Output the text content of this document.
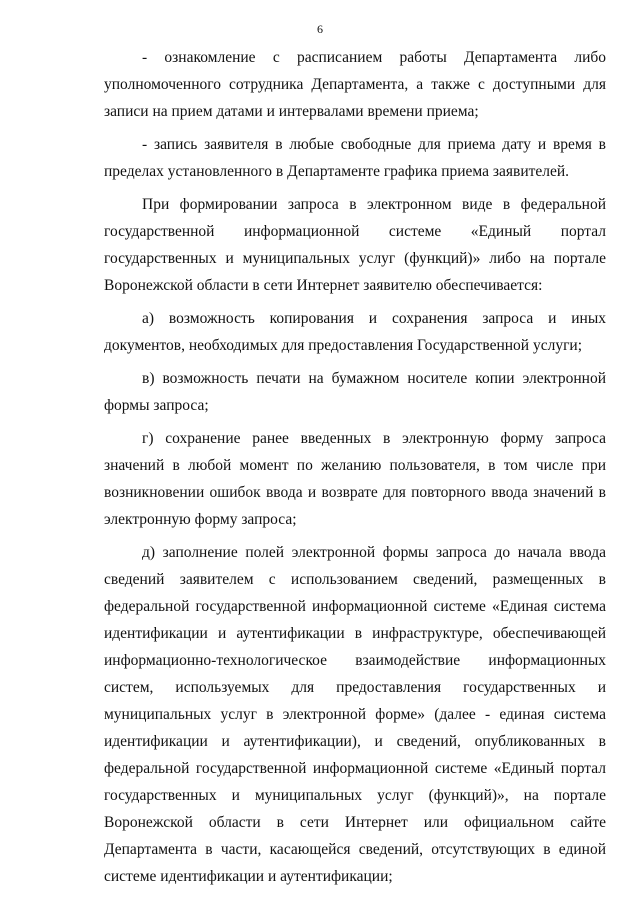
6

- ознакомление с расписанием работы Департамента либо уполномоченного сотрудника Департамента, а также с доступными для записи на прием датами и интервалами времени приема;

- запись заявителя в любые свободные для приема дату и время в пределах установленного в Департаменте графика приема заявителей.

При формировании запроса в электронном виде в федеральной государственной информационной системе «Единый портал государственных и муниципальных услуг (функций)» либо на портале Воронежской области в сети Интернет заявителю обеспечивается:

а) возможность копирования и сохранения запроса и иных документов, необходимых для предоставления Государственной услуги;

в) возможность печати на бумажном носителе копии электронной формы запроса;

г) сохранение ранее введенных в электронную форму запроса значений в любой момент по желанию пользователя, в том числе при возникновении ошибок ввода и возврате для повторного ввода значений в электронную форму запроса;

д) заполнение полей электронной формы запроса до начала ввода сведений заявителем с использованием сведений, размещенных в федеральной государственной информационной системе «Единая система идентификации и аутентификации в инфраструктуре, обеспечивающей информационно-технологическое взаимодействие информационных систем, используемых для предоставления государственных и муниципальных услуг в электронной форме» (далее - единая система идентификации и аутентификации), и сведений, опубликованных в федеральной государственной информационной системе «Единый портал государственных и муниципальных услуг (функций)», на портале Воронежской области в сети Интернет или официальном сайте Департамента в части, касающейся сведений, отсутствующих в единой системе идентификации и аутентификации;
